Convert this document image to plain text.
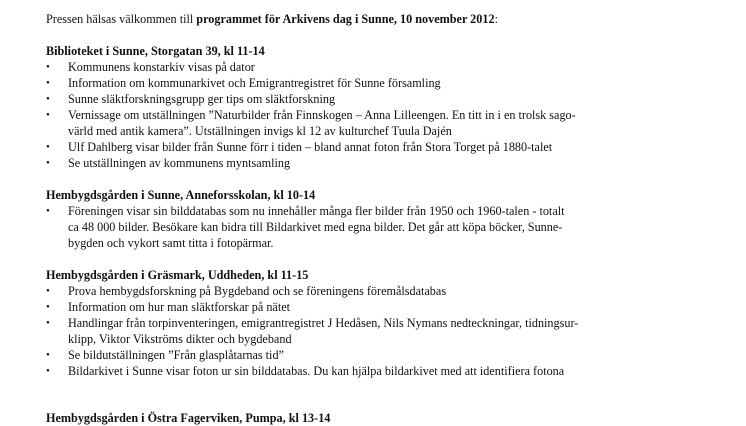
Pressen hälsas välkommen till programmet för Arkivens dag i Sunne, 10 november 2012:

Biblioteket i Sunne, Storgatan 39, kl 11-14

• Kommunens konstarkiv visas på dator
• Information om kommunarkivet och Emigrantregistret för Sunne församling
• Sunne släktforskningsgrupp ger tips om släktforskning
• Vernissage om utställningen ”Naturbilder från Finnskogen – Anna Lilleengen. En titt in i en trolsk sago-
värld med antik kamera”. Utställningen invigs kl 12 av kulturchef Tuula Dajén
• Ulf Dahlberg visar bilder från Sunne förr i tiden – bland annat foton från Stora Torget på 1880-talet
• Se utställningen av kommunens myntsamling

Hembygdsgården i Sunne, Anneforsskolan, kl 10-14

• Föreningen visar sin bilddatabas som nu innehåller många fler bilder från 1950 och 1960-talen - totalt
ca 48 000 bilder. Besökare kan bidra till Bildarkivet med egna bilder. Det går att köpa böcker, Sunne-
bygden och vykort samt titta i fotopärmar.

Hembygdsgården i Gräsmark, Uddheden, kl 11-15

• Prova hembygdsforskning på Bygdeband och se föreningens föremålsdatabas
• Information om hur man släktforskar på nätet
• Handlingar från torpinventeringen, emigrantregistret J Hedåsen, Nils Nymans nedteckningar, tidningsur-
klipp, Viktor Vikströms dikter och bygdeband
• Se bildutställningen ”Från glasplåtarnas tid”
• Bildarkivet i Sunne visar foton ur sin bilddatabas. Du kan hjälpa bildarkivet med att identifiera fotona
Hembygdsgården i Östra Fagerviken, Pumpa, kl 13-14
